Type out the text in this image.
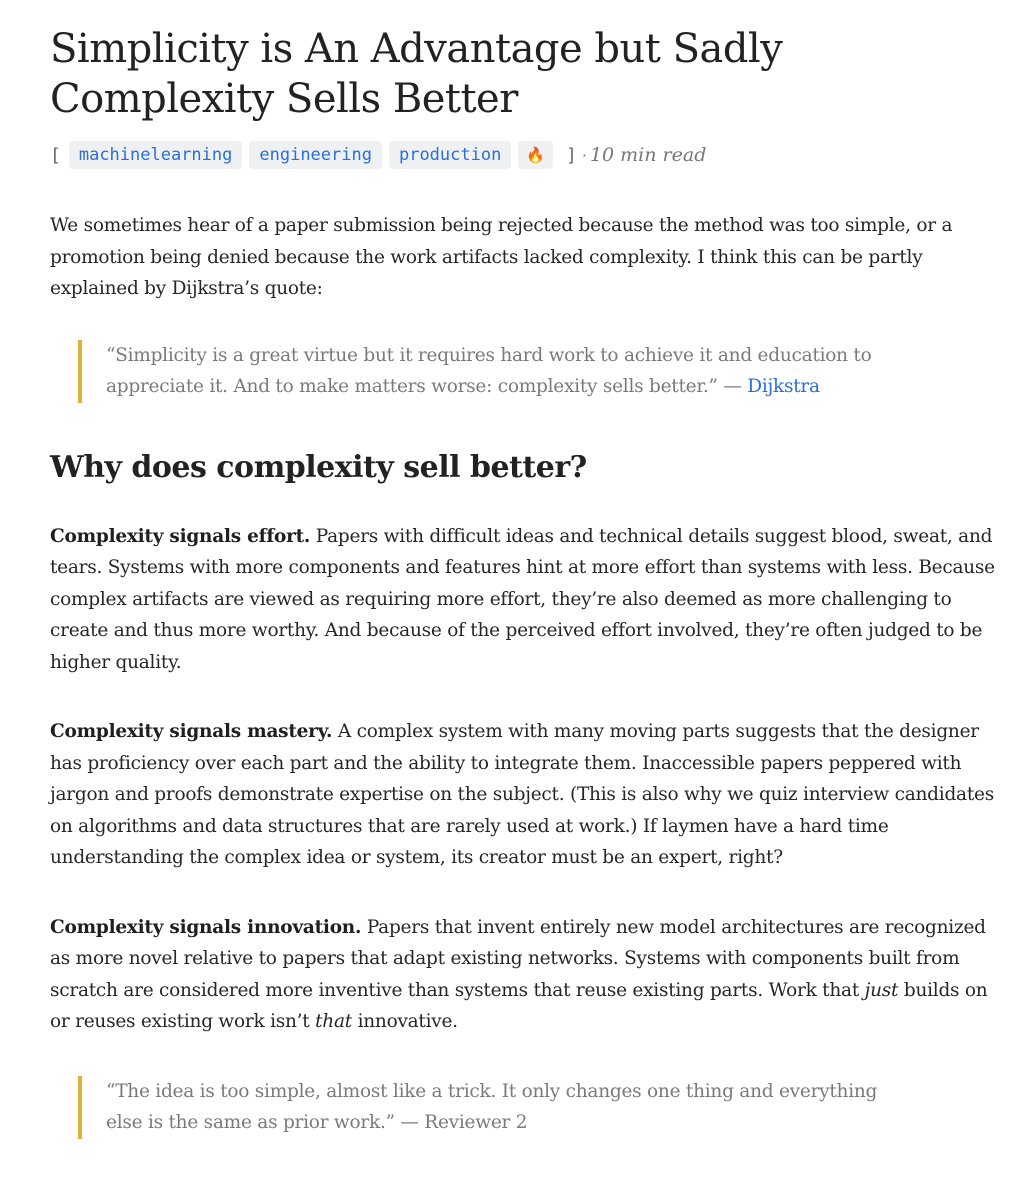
Simplicity is An Advantage but Sadly Complexity Sells Better
[	machinelearning	engineering	production	🔥	] · 10 min read

We sometimes hear of a paper submission being rejected because the method was too simple, or a promotion being denied because the work artifacts lacked complexity. I think this can be partly explained by Dijkstra’s quote:

“Simplicity is a great virtue but it requires hard work to achieve it and education to appreciate it. And to make matters worse: complexity sells better.” — Dijkstra
Why does complexity sell better?

Complexity signals effort. Papers with difficult ideas and technical details suggest blood, sweat, and tears. Systems with more components and features hint at more effort than systems with less. Because complex artifacts are viewed as requiring more effort, they’re also deemed as more challenging to create and thus more worthy. And because of the perceived effort involved, they’re often judged to be higher quality.

Complexity signals mastery. A complex system with many moving parts suggests that the designer has proficiency over each part and the ability to integrate them. Inaccessible papers peppered with jargon and proofs demonstrate expertise on the subject. (This is also why we quiz interview candidates on algorithms and data structures that are rarely used at work.) If laymen have a hard time understanding the complex idea or system, its creator must be an expert, right?

Complexity signals innovation. Papers that invent entirely new model architectures are recognized as more novel relative to papers that adapt existing networks. Systems with components built from scratch are considered more inventive than systems that reuse existing parts. Work that just builds on or reuses existing work isn’t that innovative.

“The idea is too simple, almost like a trick. It only changes one thing and everything else is the same as prior work.” — Reviewer 2
